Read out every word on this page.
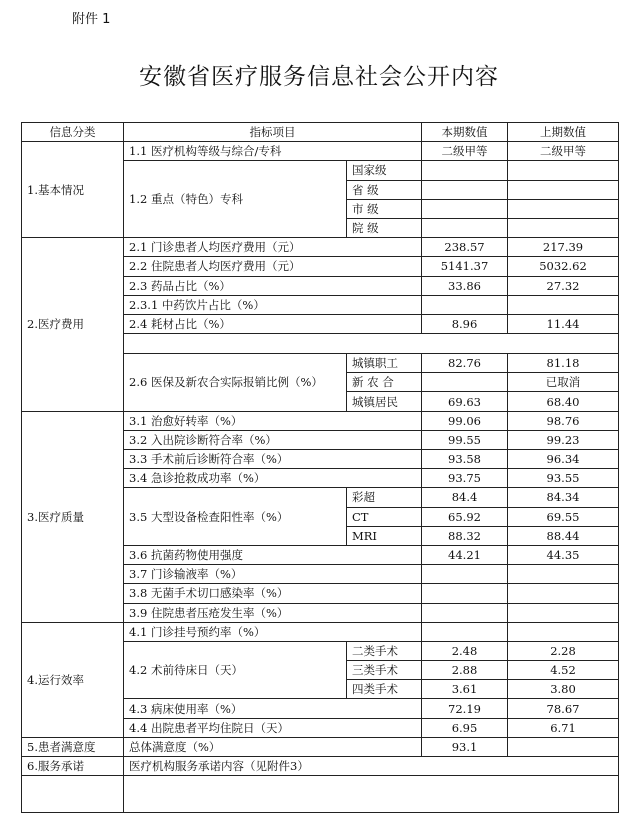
附件 1
安徽省医疗服务信息社会公开内容
信息分类	指标项目		本期数值	上期数值
1.基本情况	1.1 医疗机构等级与综合/专科		二级甲等	二级甲等
	1.2 重点（特色）专科	国家级		
		省 级		
		市 级		
		院 级		
2.医疗费用	2.1 门诊患者人均医疗费用（元）		238.57	217.39
	2.2 住院患者人均医疗费用（元）		5141.37	5032.62
	2.3 药品占比（%）		33.86	27.32
	2.3.1 中药饮片占比（%）			
	2.4 耗材占比（%）		8.96	11.44

	2.6 医保及新农合实际报销比例（%）	城镇职工	82.76	81.18
		新 农 合		已取消
		城镇居民	69.63	68.40
3.医疗质量	3.1 治愈好转率（%）		99.06	98.76
	3.2 入出院诊断符合率（%）		99.55	99.23
	3.3 手术前后诊断符合率（%）		93.58	96.34
	3.4 急诊抢救成功率（%）		93.75	93.55
	3.5 大型设备检查阳性率（%）	彩超	84.4	84.34
		CT	65.92	69.55
		MRI	88.32	88.44
	3.6 抗菌药物使用强度		44.21	44.35
	3.7 门诊输液率（%）			
	3.8 无菌手术切口感染率（%）			
	3.9 住院患者压疮发生率（%）			
4.运行效率	4.1 门诊挂号预约率（%）			
	4.2 术前待床日（天）	二类手术	2.48	2.28
		三类手术	2.88	4.52
		四类手术	3.61	3.80
	4.3 病床使用率（%）		72.19	78.67
	4.4 出院患者平均住院日（天）		6.95	6.71
5.患者满意度	总体满意度（%）		93.1	
6.服务承诺	医疗机构服务承诺内容（见附件3）			
